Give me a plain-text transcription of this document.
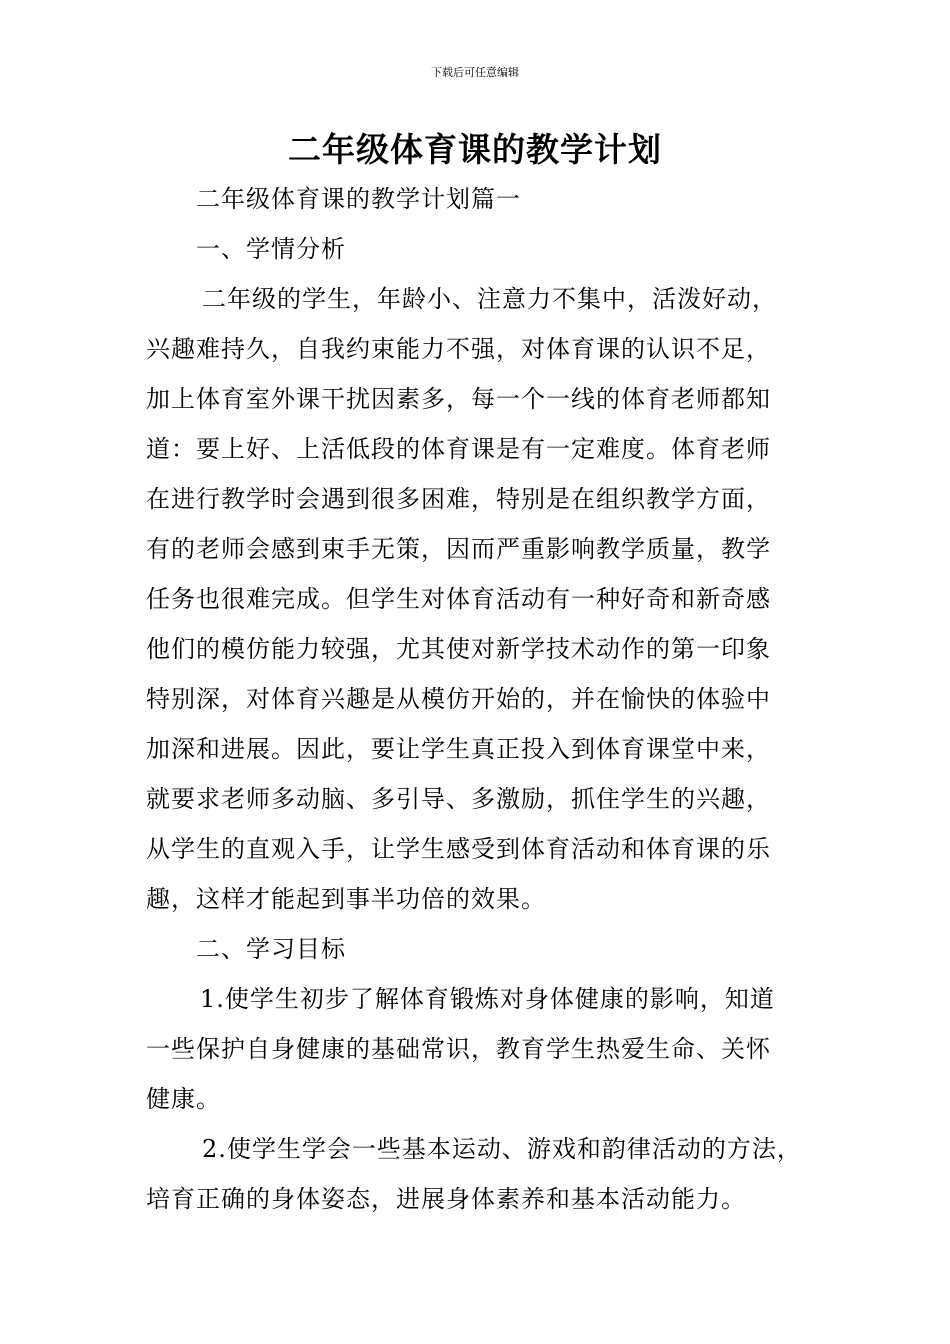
下载后可任意编辑
二年级体育课的教学计划

二年级体育课的教学计划篇一

一、学情分析

二年级的学生，年龄小、注意力不集中，活泼好动，

兴趣难持久，自我约束能力不强，对体育课的认识不足，

加上体育室外课干扰因素多，每一个一线的体育老师都知

道：要上好、上活低段的体育课是有一定难度。体育老师

在进行教学时会遇到很多困难，特别是在组织教学方面，

有的老师会感到束手无策，因而严重影响教学质量，教学

任务也很难完成。但学生对体育活动有一种好奇和新奇感

他们的模仿能力较强，尤其使对新学技术动作的第一印象

特别深，对体育兴趣是从模仿开始的，并在愉快的体验中

加深和进展。因此，要让学生真正投入到体育课堂中来，

就要求老师多动脑、多引导、多激励，抓住学生的兴趣，

从学生的直观入手，让学生感受到体育活动和体育课的乐

趣，这样才能起到事半功倍的效果。

二、学习目标

1.使学生初步了解体育锻炼对身体健康的影响，知道

一些保护自身健康的基础常识，教育学生热爱生命、关怀

健康。

2.使学生学会一些基本运动、游戏和韵律活动的方法，

培育正确的身体姿态，进展身体素养和基本活动能力。
